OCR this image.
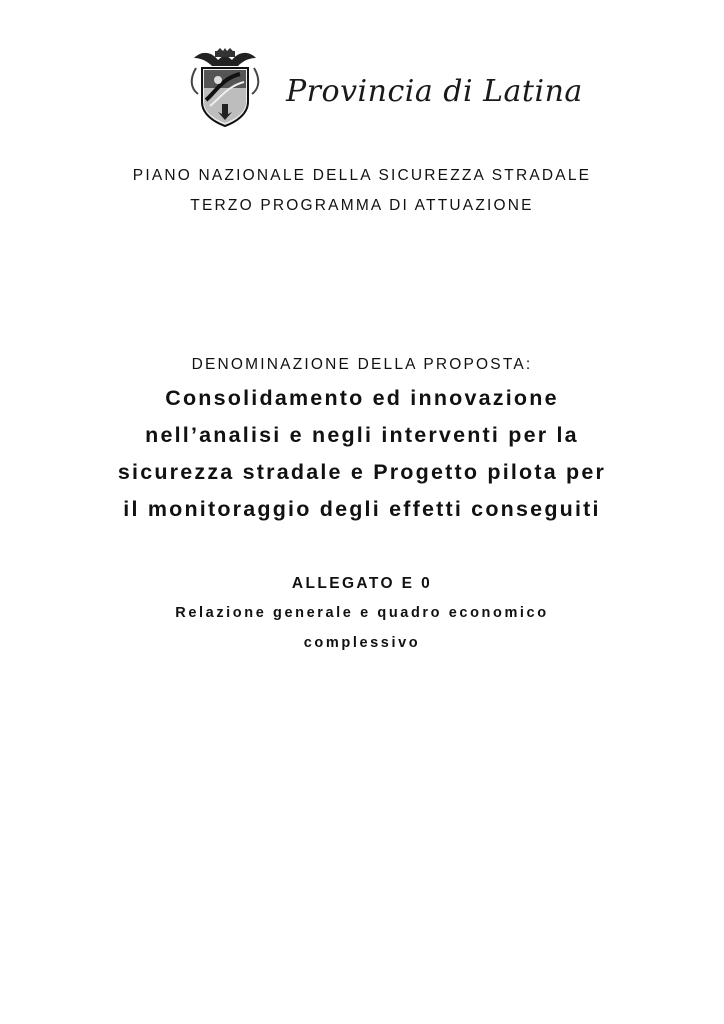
Provincia di Latina
PIANO NAZIONALE DELLA SICUREZZA STRADALE
TERZO PROGRAMMA DI ATTUAZIONE
DENOMINAZIONE DELLA PROPOSTA:
Consolidamento ed innovazione
nell’analisi e negli interventi per la
sicurezza stradale e Progetto pilota per
il monitoraggio degli effetti conseguiti
ALLEGATO E 0
Relazione generale e quadro economico
complessivo
